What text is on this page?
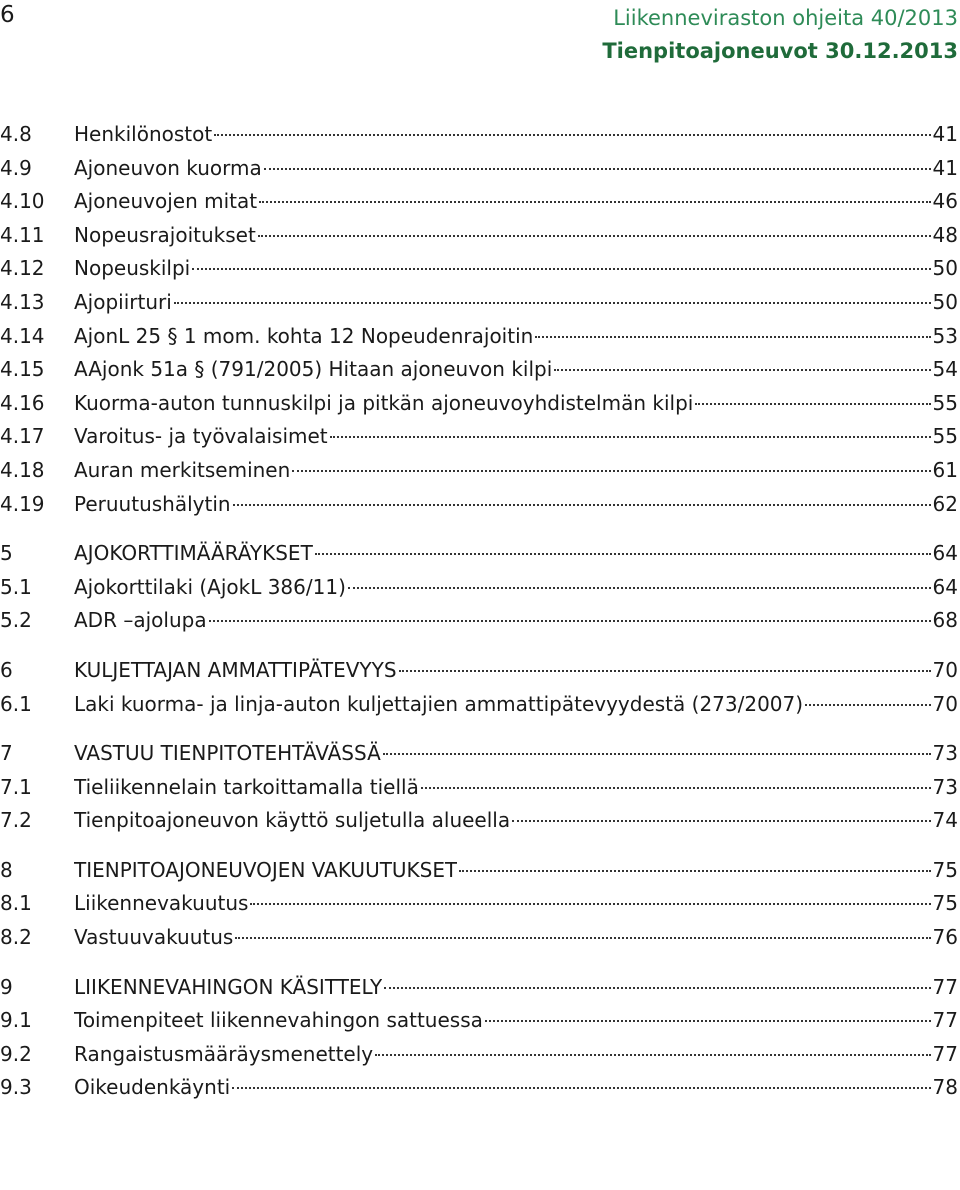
6	Liikenneviraston ohjeita 40/2013
Tienpitoajoneuvot 30.12.2013
4.8	Henkilönostot	41
4.9	Ajoneuvon kuorma	41
4.10	Ajoneuvojen mitat	46
4.11	Nopeusrajoitukset	48
4.12	Nopeuskilpi	50
4.13	Ajopiirturi	50
4.14	AjonL 25 § 1 mom. kohta 12 Nopeudenrajoitin	53
4.15	AAjonk 51a § (791/2005) Hitaan ajoneuvon kilpi	54
4.16	Kuorma-auton tunnuskilpi ja pitkän ajoneuvoyhdistelmän kilpi	55
4.17	Varoitus- ja työvalaisimet	55
4.18	Auran merkitseminen	61
4.19	Peruutushälytin	62
5	AJOKORTTIMÄÄRÄYKSET	64
5.1	Ajokorttilaki (AjokL 386/11)	64
5.2	ADR –ajolupa	68
6	KULJETTAJAN AMMATTIPÄTEVYYS	70
6.1	Laki kuorma- ja linja-auton kuljettajien ammattipätevyydestä (273/2007)	70
7	VASTUU TIENPITOTEHTÄVÄSSÄ	73
7.1	Tieliikennelain tarkoittamalla tiellä	73
7.2	Tienpitoajoneuvon käyttö suljetulla alueella	74
8	TIENPITOAJONEUVOJEN VAKUUTUKSET	75
8.1	Liikennevakuutus	75
8.2	Vastuuvakuutus	76
9	LIIKENNEVAHINGON KÄSITTELY	77
9.1	Toimenpiteet liikennevahingon sattuessa	77
9.2	Rangaistusmääräysmenettely	77
9.3	Oikeudenkäynti	78
